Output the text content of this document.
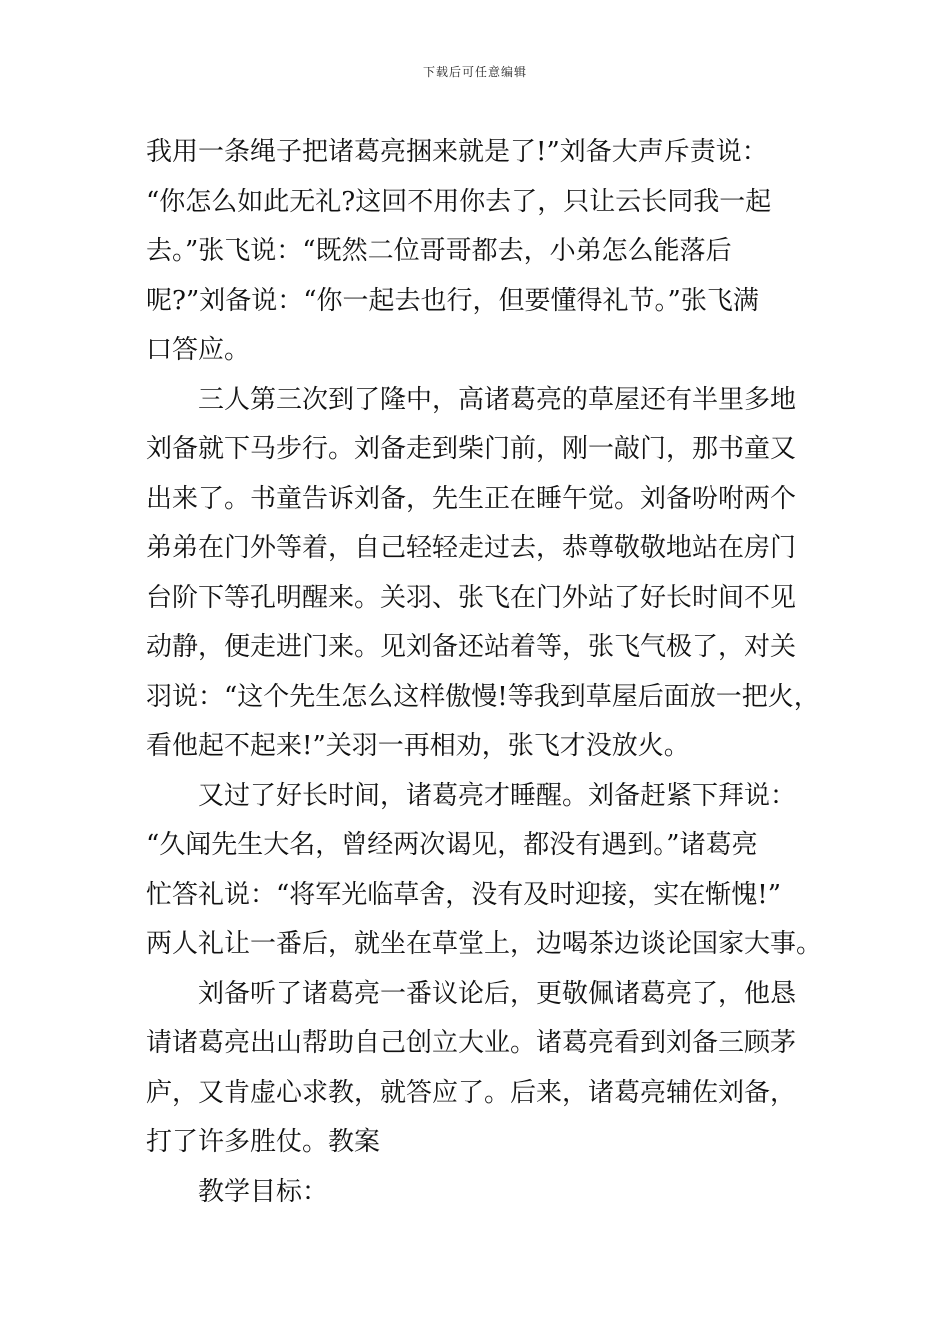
下载后可任意编辑
我用一条绳子把诸葛亮捆来就是了!”刘备大声斥责说：
“你怎么如此无礼?这回不用你去了，只让云长同我一起
去。”张飞说：“既然二位哥哥都去，小弟怎么能落后
呢?”刘备说：“你一起去也行，但要懂得礼节。”张飞满
口答应。
三人第三次到了隆中，高诸葛亮的草屋还有半里多地
刘备就下马步行。刘备走到柴门前，刚一敲门，那书童又
出来了。书童告诉刘备，先生正在睡午觉。刘备吩咐两个
弟弟在门外等着，自己轻轻走过去，恭尊敬敬地站在房门
台阶下等孔明醒来。关羽、张飞在门外站了好长时间不见
动静，便走进门来。见刘备还站着等，张飞气极了，对关
羽说：“这个先生怎么这样傲慢!等我到草屋后面放一把火，
看他起不起来!”关羽一再相劝，张飞才没放火。
又过了好长时间，诸葛亮才睡醒。刘备赶紧下拜说：
“久闻先生大名，曾经两次谒见，都没有遇到。”诸葛亮
忙答礼说：“将军光临草舍，没有及时迎接，实在惭愧!”
两人礼让一番后，就坐在草堂上，边喝茶边谈论国家大事。
刘备听了诸葛亮一番议论后，更敬佩诸葛亮了，他恳
请诸葛亮出山帮助自己创立大业。诸葛亮看到刘备三顾茅
庐，又肯虚心求教，就答应了。后来，诸葛亮辅佐刘备，
打了许多胜仗。教案
教学目标：
